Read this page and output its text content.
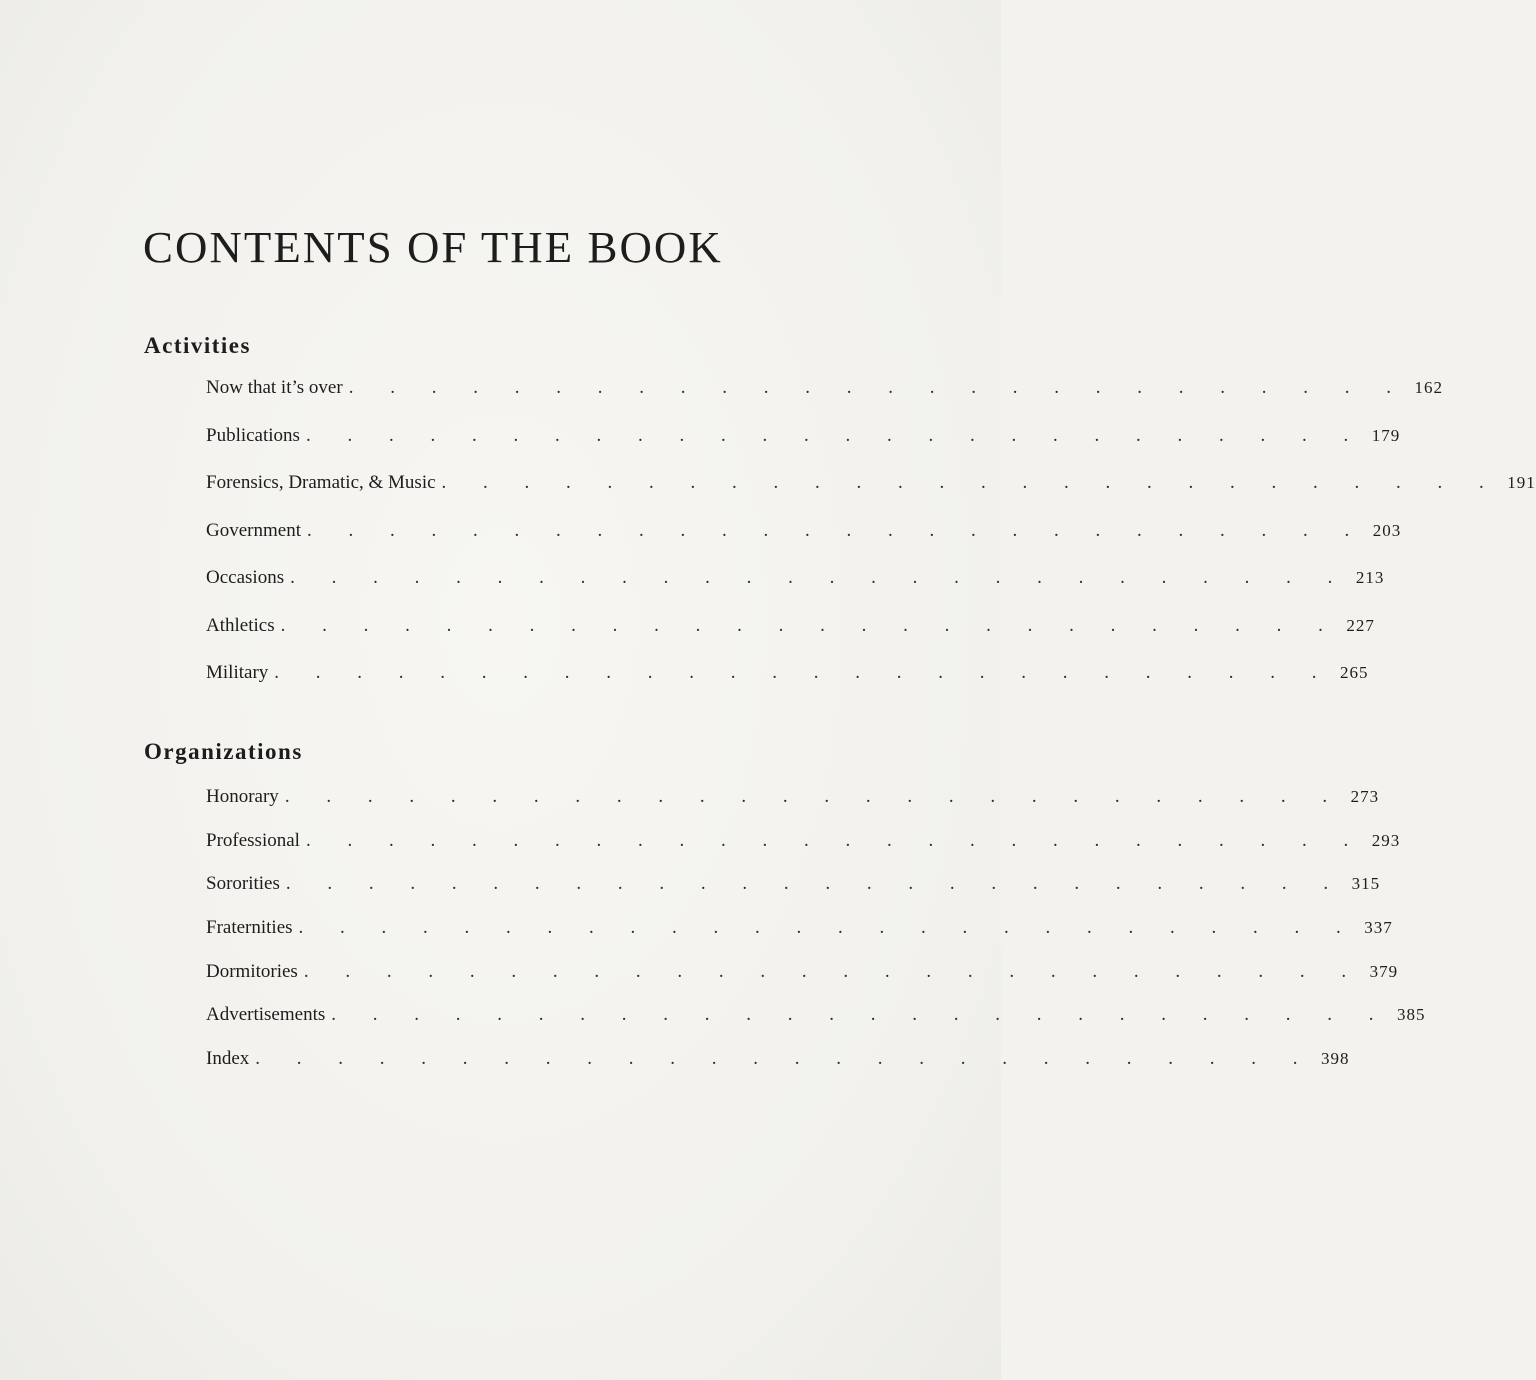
CONTENTS OF THE BOOK
Activities
Now that it’s over . . . . . . . . . . . . . . . . . . . . . . . . . . 162
Publications . . . . . . . . . . . . . . . . . . . . . . . . . . 179
Forensics, Dramatic, & Music . . . . . . . . . . . . . . . . . . . . . . . . . . 191
Government . . . . . . . . . . . . . . . . . . . . . . . . . . 203
Occasions . . . . . . . . . . . . . . . . . . . . . . . . . . 213
Athletics . . . . . . . . . . . . . . . . . . . . . . . . . . 227
Military . . . . . . . . . . . . . . . . . . . . . . . . . . 265
Organizations
Honorary . . . . . . . . . . . . . . . . . . . . . . . . . . 273
Professional . . . . . . . . . . . . . . . . . . . . . . . . . . 293
Sororities . . . . . . . . . . . . . . . . . . . . . . . . . . 315
Fraternities . . . . . . . . . . . . . . . . . . . . . . . . . . 337
Dormitories . . . . . . . . . . . . . . . . . . . . . . . . . . 379
Advertisements . . . . . . . . . . . . . . . . . . . . . . . . . . 385
Index . . . . . . . . . . . . . . . . . . . . . . . . . . 398
